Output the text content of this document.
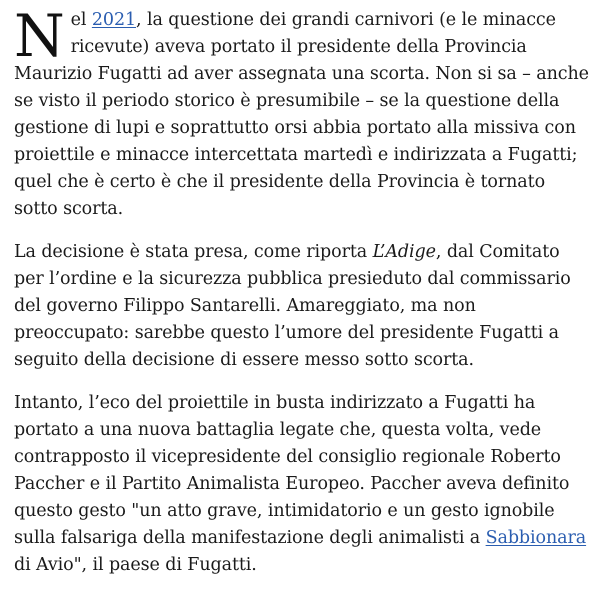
Nel 2021, la questione dei grandi carnivori (e le minacce ricevute) aveva portato il presidente della Provincia Maurizio Fugatti ad aver assegnata una scorta. Non si sa – anche se visto il periodo storico è presumibile – se la questione della gestione di lupi e soprattutto orsi abbia portato alla missiva con proiettile e minacce intercettata martedì e indirizzata a Fugatti; quel che è certo è che il presidente della Provincia è tornato sotto scorta.

La decisione è stata presa, come riporta L’Adige, dal Comitato per l’ordine e la sicurezza pubblica presieduto dal commissario del governo Filippo Santarelli. Amareggiato, ma non preoccupato: sarebbe questo l’umore del presidente Fugatti a seguito della decisione di essere messo sotto scorta.

Intanto, l’eco del proiettile in busta indirizzato a Fugatti ha portato a una nuova battaglia legate che, questa volta, vede contrapposto il vicepresidente del consiglio regionale Roberto Paccher e il Partito Animalista Europeo. Paccher aveva definito questo gesto "un atto grave, intimidatorio e un gesto ignobile sulla falsariga della manifestazione degli animalisti a Sabbionara di Avio", il paese di Fugatti.
